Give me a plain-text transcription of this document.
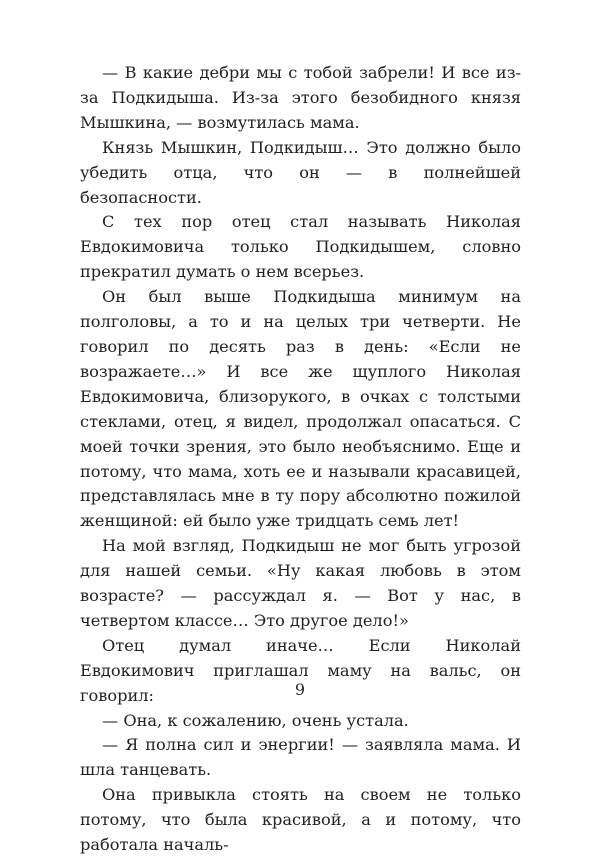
— В какие дебри мы с тобой забрели! И все из-за Подкидыша. Из-за этого безобидного князя Мышкина, — возмутилась мама.

Князь Мышкин, Подкидыш… Это должно было убедить отца, что он — в полнейшей безопасности.

С тех пор отец стал называть Николая Евдокимовича только Подкидышем, словно прекратил думать о нем всерьез.

Он был выше Подкидыша минимум на полголовы, а то и на целых три четверти. Не говорил по десять раз в день: «Если не возражаете…» И все же щуплого Николая Евдокимовича, близорукого, в очках с толстыми стеклами, отец, я видел, продолжал опасаться. С моей точки зрения, это было необъяснимо. Еще и потому, что мама, хоть ее и называли красавицей, представлялась мне в ту пору абсолютно пожилой женщиной: ей было уже тридцать семь лет!

На мой взгляд, Подкидыш не мог быть угрозой для нашей семьи. «Ну какая любовь в этом возрасте? — рассуждал я. — Вот у нас, в четвертом классе… Это другое дело!»

Отец думал иначе… Если Николай Евдокимович приглашал маму на вальс, он говорил:

— Она, к сожалению, очень устала.

— Я полна сил и энергии! — заявляла мама. И шла танцевать.

Она привыкла стоять на своем не только потому, что была красивой, а и потому, что работала началь-

9
